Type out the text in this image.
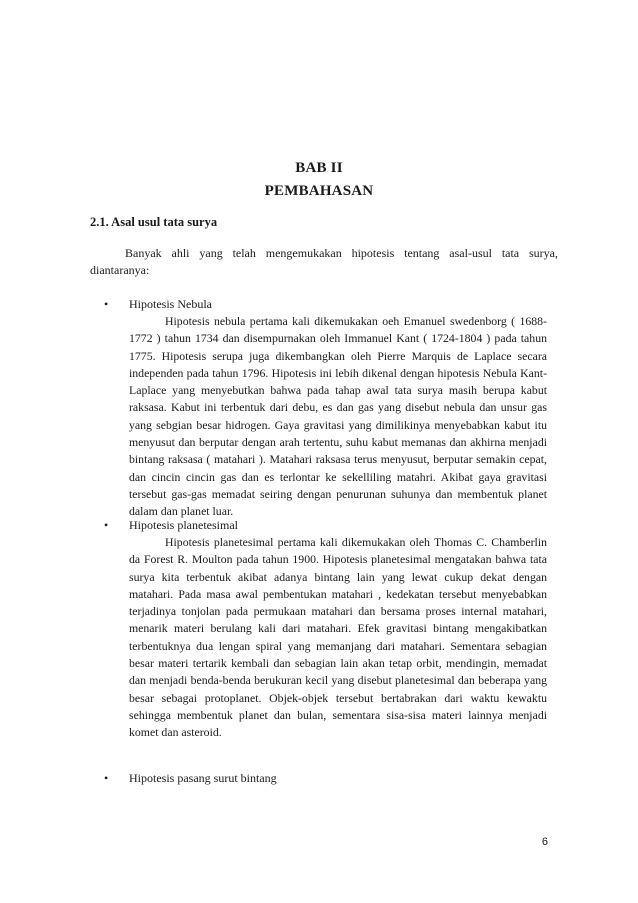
BAB II
PEMBAHASAN
2.1. Asal usul tata surya

Banyak ahli yang telah mengemukakan hipotesis tentang asal-usul tata surya, diantaranya:

• Hipotesis Nebula

Hipotesis nebula pertama kali dikemukakan oeh Emanuel swedenborg ( 1688-1772 ) tahun 1734 dan disempurnakan oleh Immanuel Kant ( 1724-1804 ) pada tahun 1775. Hipotesis serupa juga dikembangkan oleh Pierre Marquis de Laplace secara independen pada tahun 1796. Hipotesis ini lebih dikenal dengan hipotesis Nebula Kant-Laplace yang menyebutkan bahwa pada tahap awal tata surya masih berupa kabut raksasa. Kabut ini terbentuk dari debu, es dan gas yang disebut nebula dan unsur gas yang sebgian besar hidrogen. Gaya gravitasi yang dimilikinya menyebabkan kabut itu menyusut dan berputar dengan arah tertentu, suhu kabut memanas dan akhirna menjadi bintang raksasa ( matahari ). Matahari raksasa terus menyusut, berputar semakin cepat, dan cincin cincin gas dan es terlontar ke sekelliling matahri. Akibat gaya gravitasi tersebut gas-gas memadat seiring dengan penurunan suhunya dan membentuk planet dalam dan planet luar.

• Hipotesis planetesimal

Hipotesis planetesimal pertama kali dikemukakan oleh Thomas C. Chamberlin da Forest R. Moulton pada tahun 1900. Hipotesis planetesimal mengatakan bahwa tata surya kita terbentuk akibat adanya bintang lain yang lewat cukup dekat dengan matahari. Pada masa awal pembentukan matahari , kedekatan tersebut menyebabkan terjadinya tonjolan pada permukaan matahari dan bersama proses internal matahari, menarik materi berulang kali dari matahari. Efek gravitasi bintang mengakibatkan terbentuknya dua lengan spiral yang memanjang dari matahari. Sementara sebagian besar materi tertarik kembali dan sebagian lain akan tetap orbit, mendingin, memadat dan menjadi benda-benda berukuran kecil yang disebut planetesimal dan beberapa yang besar sebagai protoplanet. Objek-objek tersebut bertabrakan dari waktu kewaktu sehingga membentuk planet dan bulan, sementara sisa-sisa materi lainnya menjadi komet dan asteroid.

• Hipotesis pasang surut bintang
6
